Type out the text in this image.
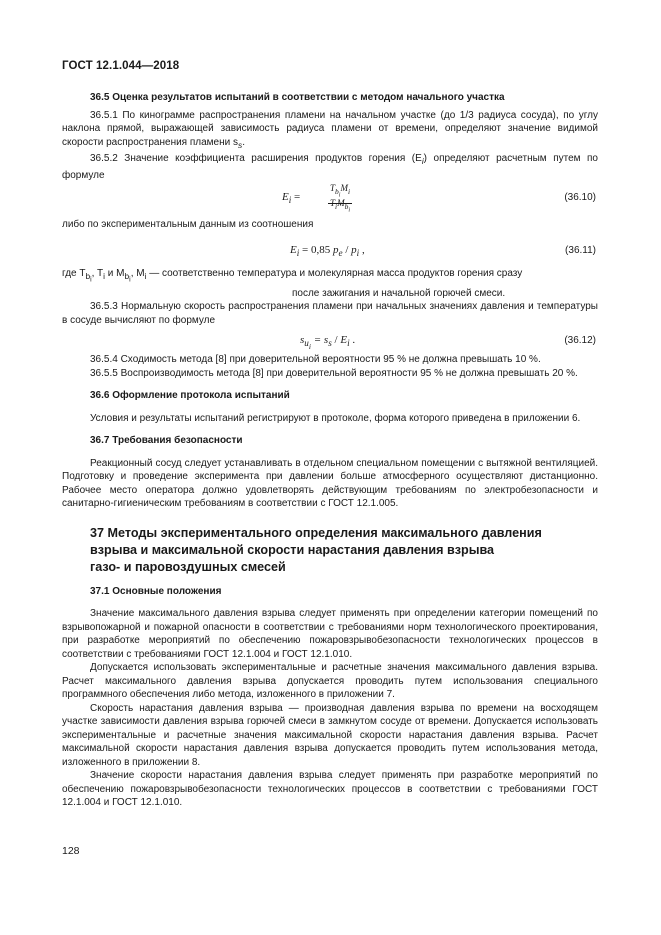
ГОСТ 12.1.044—2018

36.5 Оценка результатов испытаний в соответствии с методом начального участка

36.5.1 По кинограмме распространения пламени на начальном участке (до 1/3 радиуса сосуда), по углу наклона прямой, выражающей зависимость радиуса пламени от времени, определяют значение видимой скорости распространения пламени $s_s$.

36.5.2 Значение коэффициента расширения продуктов горения $(E_i)$ определяют расчетным путем по формуле

$E_i$ =
$T_{b_i}M_i$
$T_iM_{b_i}$
(36.10)

либо по экспериментальным данным из соотношения

$E_i = 0,85$ $p_e / p_i$ ,	(36.11)

где $T_{b_i}$, $T_i$ и $M_{b_i}$, $M_i$ — соответственно температура и молекулярная масса продуктов горения сразу

после зажигания и начальной горючей смеси.

36.5.3 Нормальную скорость распространения пламени при начальных значениях давления и температуры в сосуде вычисляют по формуле

$s_{u_i} = s_s / E_i$ .	(36.12)

36.5.4 Сходимость метода [8] при доверительной вероятности 95 % не должна превышать 10 %.

36.5.5 Воспроизводимость метода [8] при доверительной вероятности 95 % не должна превышать 20 %.

36.6 Оформление протокола испытаний

Условия и результаты испытаний регистрируют в протоколе, форма которого приведена в приложении 6.

36.7 Требования безопасности

Реакционный сосуд следует устанавливать в отдельном специальном помещении с вытяжной вентиляцией. Подготовку и проведение эксперимента при давлении больше атмосферного осуществляют дистанционно. Рабочее место оператора должно удовлетворять действующим требованиям по электробезопасности и санитарно-гигиеническим требованиям в соответствии с ГОСТ 12.1.005.

37 Методы экспериментального определения максимального давления

взрыва и максимальной скорости нарастания давления взрыва

газо- и паровоздушных смесей

37.1 Основные положения

Значение максимального давления взрыва следует применять при определении категории помещений по взрывопожарной и пожарной опасности в соответствии с требованиями норм технологического проектирования, при разработке мероприятий по обеспечению пожаровзрывобезопасности технологических процессов в соответствии с требованиями ГОСТ 12.1.004 и ГОСТ 12.1.010.

Допускается использовать экспериментальные и расчетные значения максимального давления взрыва. Расчет максимального давления взрыва допускается проводить путем использования специального программного обеспечения либо метода, изложенного в приложении 7.

Скорость нарастания давления взрыва — производная давления взрыва по времени на восходящем участке зависимости давления взрыва горючей смеси в замкнутом сосуде от времени. Допускается использовать экспериментальные и расчетные значения максимальной скорости нарастания давления взрыва. Расчет максимальной скорости нарастания давления взрыва допускается проводить путем использования метода, изложенного в приложении 8.

Значение скорости нарастания давления взрыва следует применять при разработке мероприятий по обеспечению пожаровзрывобезопасности технологических процессов в соответствии с требованиями ГОСТ 12.1.004 и ГОСТ 12.1.010.

128
